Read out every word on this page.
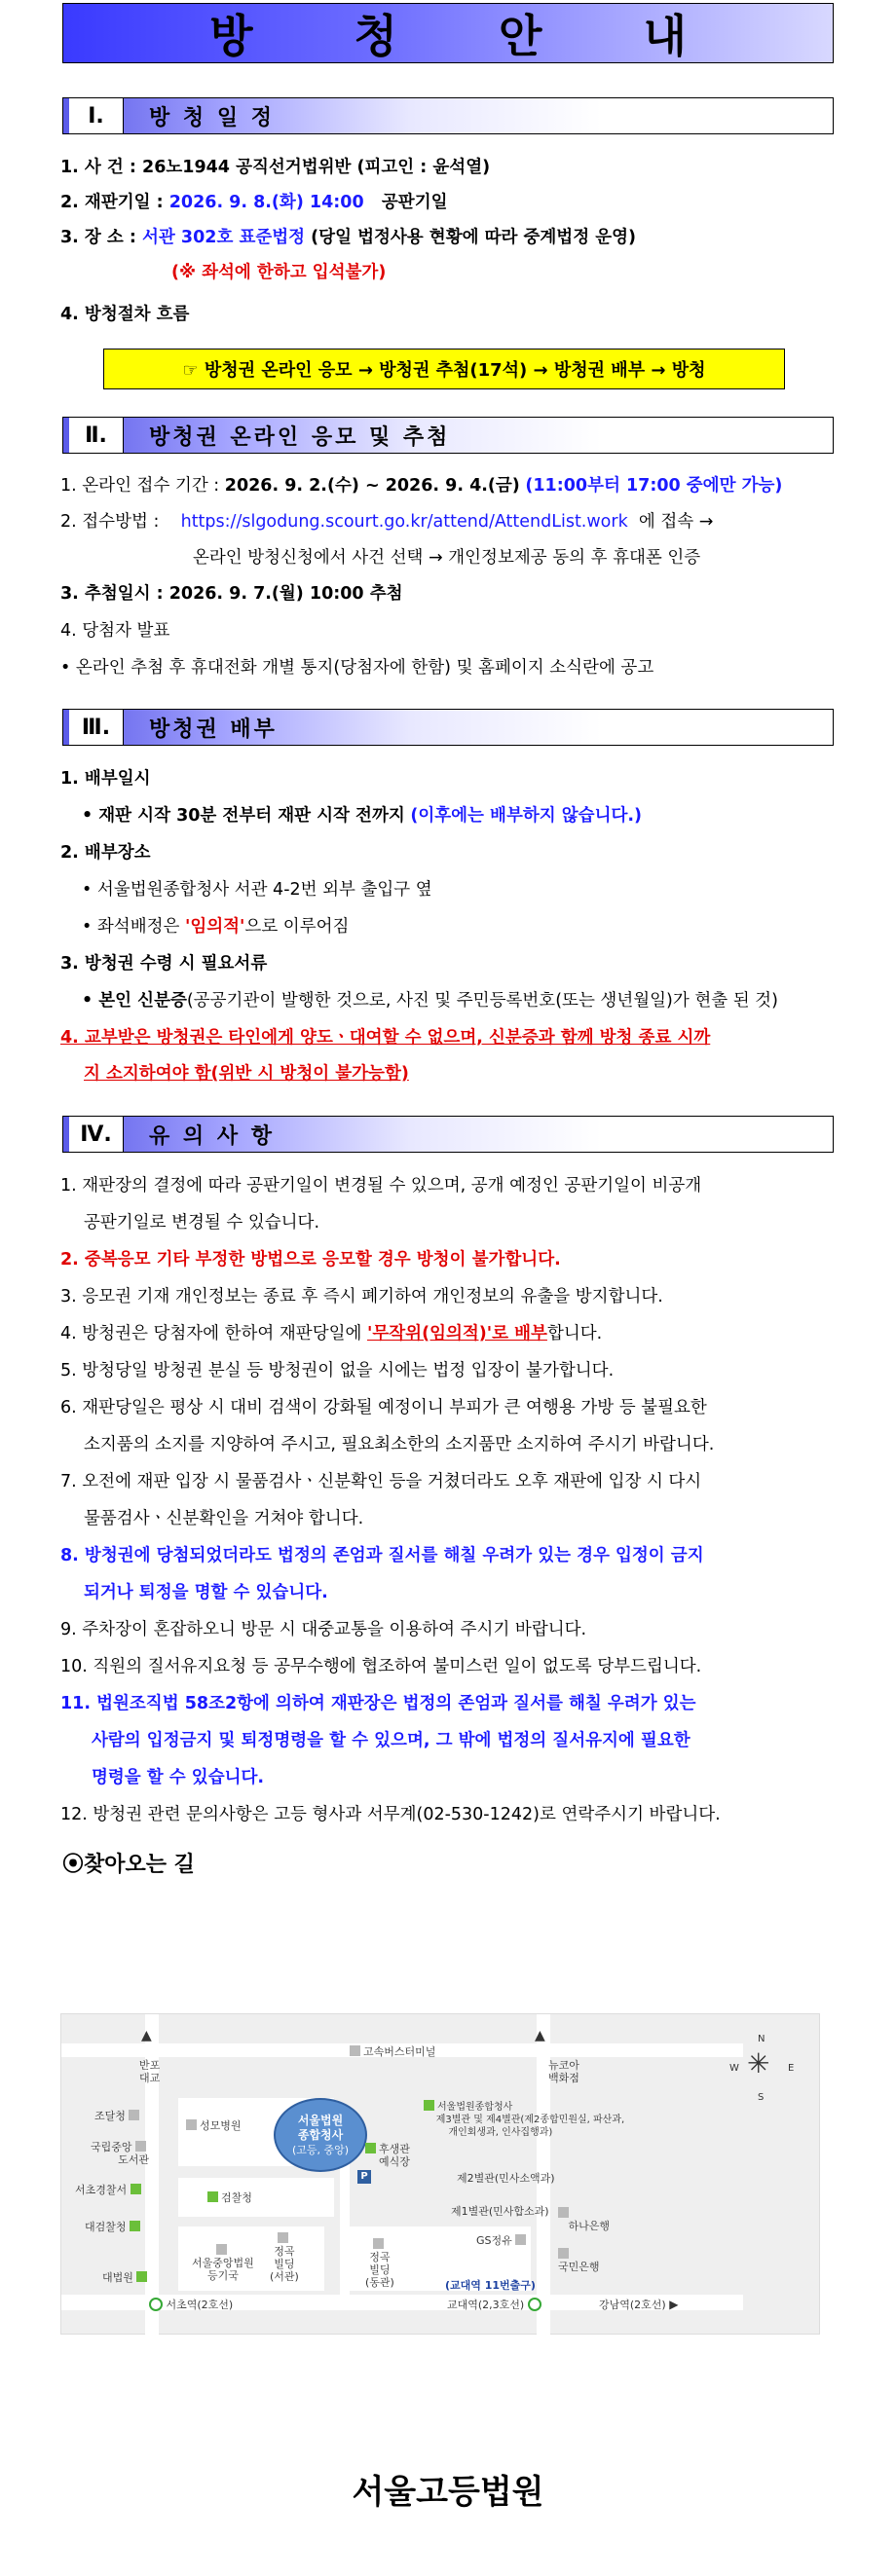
방 청 안 내
Ⅰ.	방 청 일 정
1. 사 건 : 26노1944 공직선거법위반 (피고인 : 윤석열)
2. 재판기일 : 2026. 9. 8.(화) 14:00 공판기일
3. 장 소 : 서관 302호 표준법정 (당일 법정사용 현황에 따라 중계법정 운영)
(※ 좌석에 한하고 입석불가)
4. 방청절차 흐름
☞ 방청권 온라인 응모 → 방청권 추첨(17석) → 방청권 배부 → 방청
Ⅱ.	방청권 온라인 응모 및 추첨
1. 온라인 접수 기간 : 2026. 9. 2.(수) ~ 2026. 9. 4.(금) (11:00부터 17:00 중에만 가능)
2. 접수방법 : https://slgodung.scourt.go.kr/attend/AttendList.work 에 접속 →
온라인 방청신청에서 사건 선택 → 개인정보제공 동의 후 휴대폰 인증
3. 추첨일시 : 2026. 9. 7.(월) 10:00 추첨
4. 당첨자 발표
• 온라인 추첨 후 휴대전화 개별 통지(당첨자에 한함) 및 홈페이지 소식란에 공고
Ⅲ.	방청권 배부
1. 배부일시
• 재판 시작 30분 전부터 재판 시작 전까지 (이후에는 배부하지 않습니다.)
2. 배부장소
• 서울법원종합청사 서관 4-2번 외부 출입구 옆
• 좌석배정은 '임의적'으로 이루어짐
3. 방청권 수령 시 필요서류
• 본인 신분증(공공기관이 발행한 것으로, 사진 및 주민등록번호(또는 생년월일)가 현출 된 것)
4. 교부받은 방청권은 타인에게 양도ㆍ대여할 수 없으며, 신분증과 함께 방청 종료 시까
지 소지하여야 함(위반 시 방청이 불가능함)
Ⅳ.	유 의 사 항
1. 재판장의 결정에 따라 공판기일이 변경될 수 있으며, 공개 예정인 공판기일이 비공개
공판기일로 변경될 수 있습니다.
2. 중복응모 기타 부정한 방법으로 응모할 경우 방청이 불가합니다.
3. 응모권 기재 개인정보는 종료 후 즉시 폐기하여 개인정보의 유출을 방지합니다.
4. 방청권은 당첨자에 한하여 재판당일에 '무작위(임의적)'로 배부합니다.
5. 방청당일 방청권 분실 등 방청권이 없을 시에는 법정 입장이 불가합니다.
6. 재판당일은 평상 시 대비 검색이 강화될 예정이니 부피가 큰 여행용 가방 등 불필요한
소지품의 소지를 지양하여 주시고, 필요최소한의 소지품만 소지하여 주시기 바랍니다.
7. 오전에 재판 입장 시 물품검사ㆍ신분확인 등을 거쳤더라도 오후 재판에 입장 시 다시
물품검사ㆍ신분확인을 거쳐야 합니다.
8. 방청권에 당첨되었더라도 법정의 존엄과 질서를 해칠 우려가 있는 경우 입정이 금지
되거나 퇴정을 명할 수 있습니다.
9. 주차장이 혼잡하오니 방문 시 대중교통을 이용하여 주시기 바랍니다.
10. 직원의 질서유지요청 등 공무수행에 협조하여 불미스런 일이 없도록 당부드립니다.
11. 법원조직법 58조2항에 의하여 재판장은 법정의 존엄과 질서를 해칠 우려가 있는
사람의 입정금지 및 퇴정명령을 할 수 있으며, 그 밖에 법정의 질서유지에 필요한
명령을 할 수 있습니다.
12. 방청권 관련 문의사항은 고등 형사과 서무계(02-530-1242)로 연락주시기 바랍니다.
⦿찾아오는 길
고속버스터미널
▲
반포
대교
▲
뉴코아
백화점
N
S
W	E
✳
조달청
국립중앙
도서관
서초경찰서
대검찰청
대법원
성모병원
검찰청
서울법원
종합청사
(고등, 중앙)	후생관
예식장
P
서울법원종합청사
제3별관 및 제4별관(제2종합민원실, 파산과,
개인회생과, 인사집행과)
제2별관(민사소액과)
제1별관(민사합소과)

하나은행

서울중앙법원
등기국

정곡
빌딩
(서관)

정곡
빌딩
(동관)
GS정유

국민은행
(교대역 11번출구)
서초역(2호선)	교대역(2,3호선)	강남역(2호선) ▶
서울고등법원
